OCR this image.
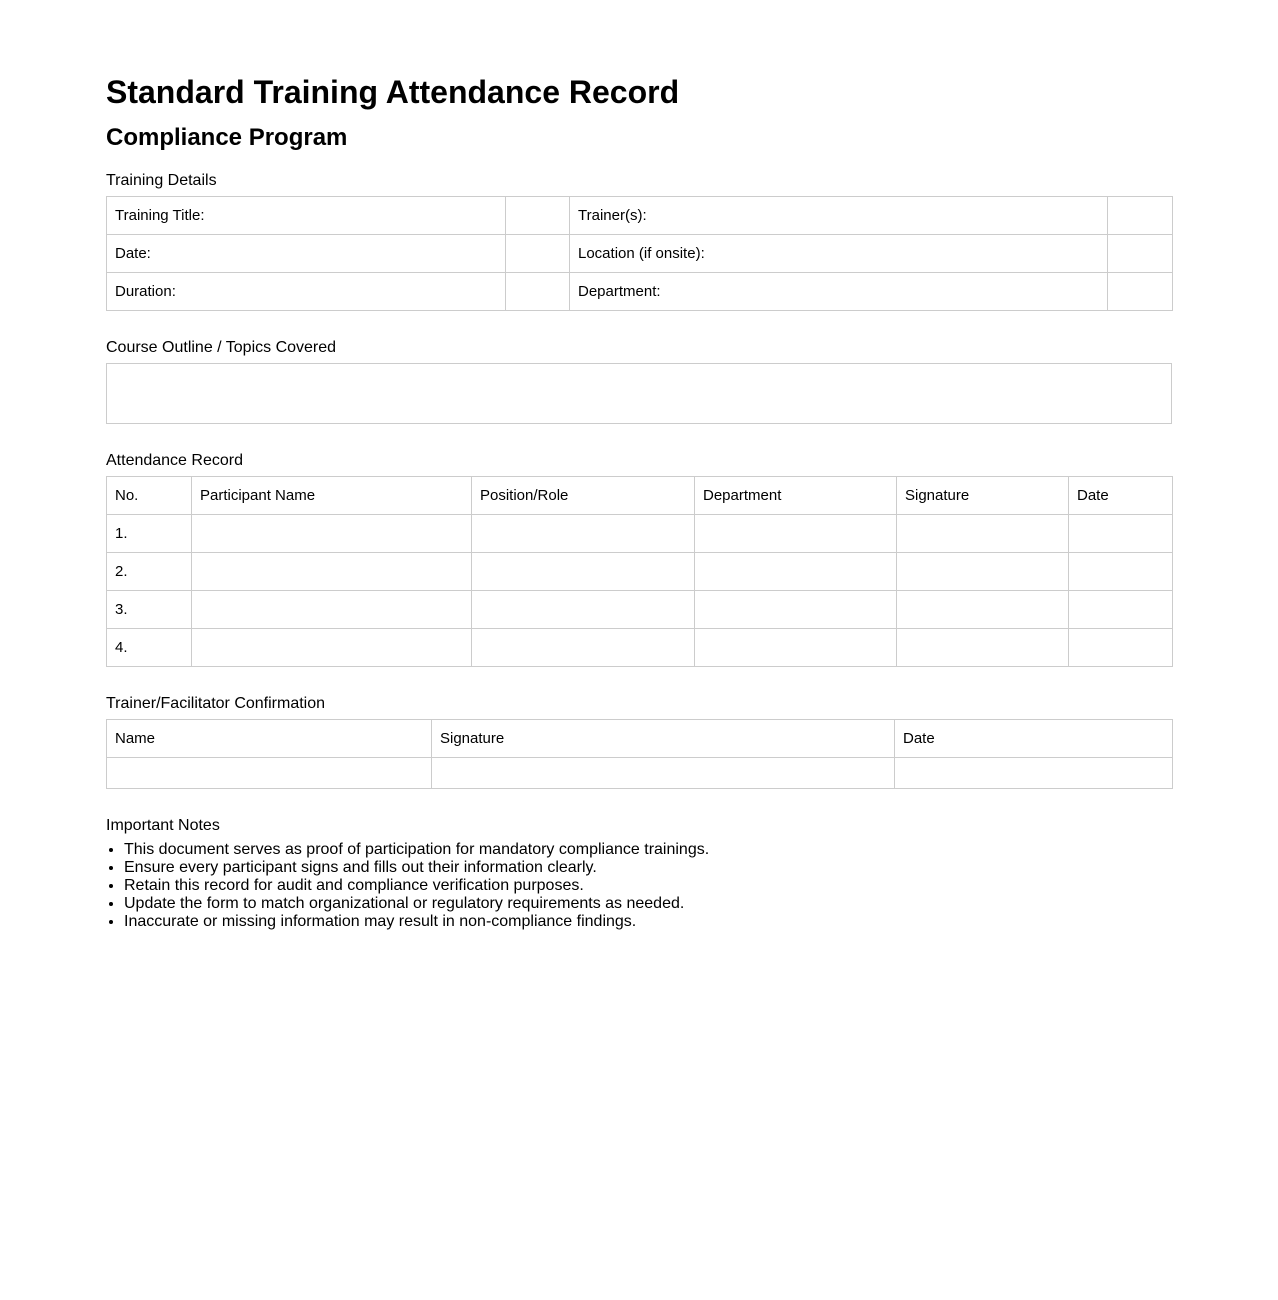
Standard Training Attendance Record
Compliance Program

Training Details

Training Title:		Trainer(s):	
Date:		Location (if onsite):	
Duration:		Department:	

Course Outline / Topics Covered

Attendance Record

No.	Participant Name	Position/Role	Department	Signature	Date
1.					
2.					
3.					
4.					

Trainer/Facilitator Confirmation

Name	Signature	Date

Important Notes

• This document serves as proof of participation for mandatory compliance trainings.
• Ensure every participant signs and fills out their information clearly.
• Retain this record for audit and compliance verification purposes.
• Update the form to match organizational or regulatory requirements as needed.
• Inaccurate or missing information may result in non-compliance findings.
